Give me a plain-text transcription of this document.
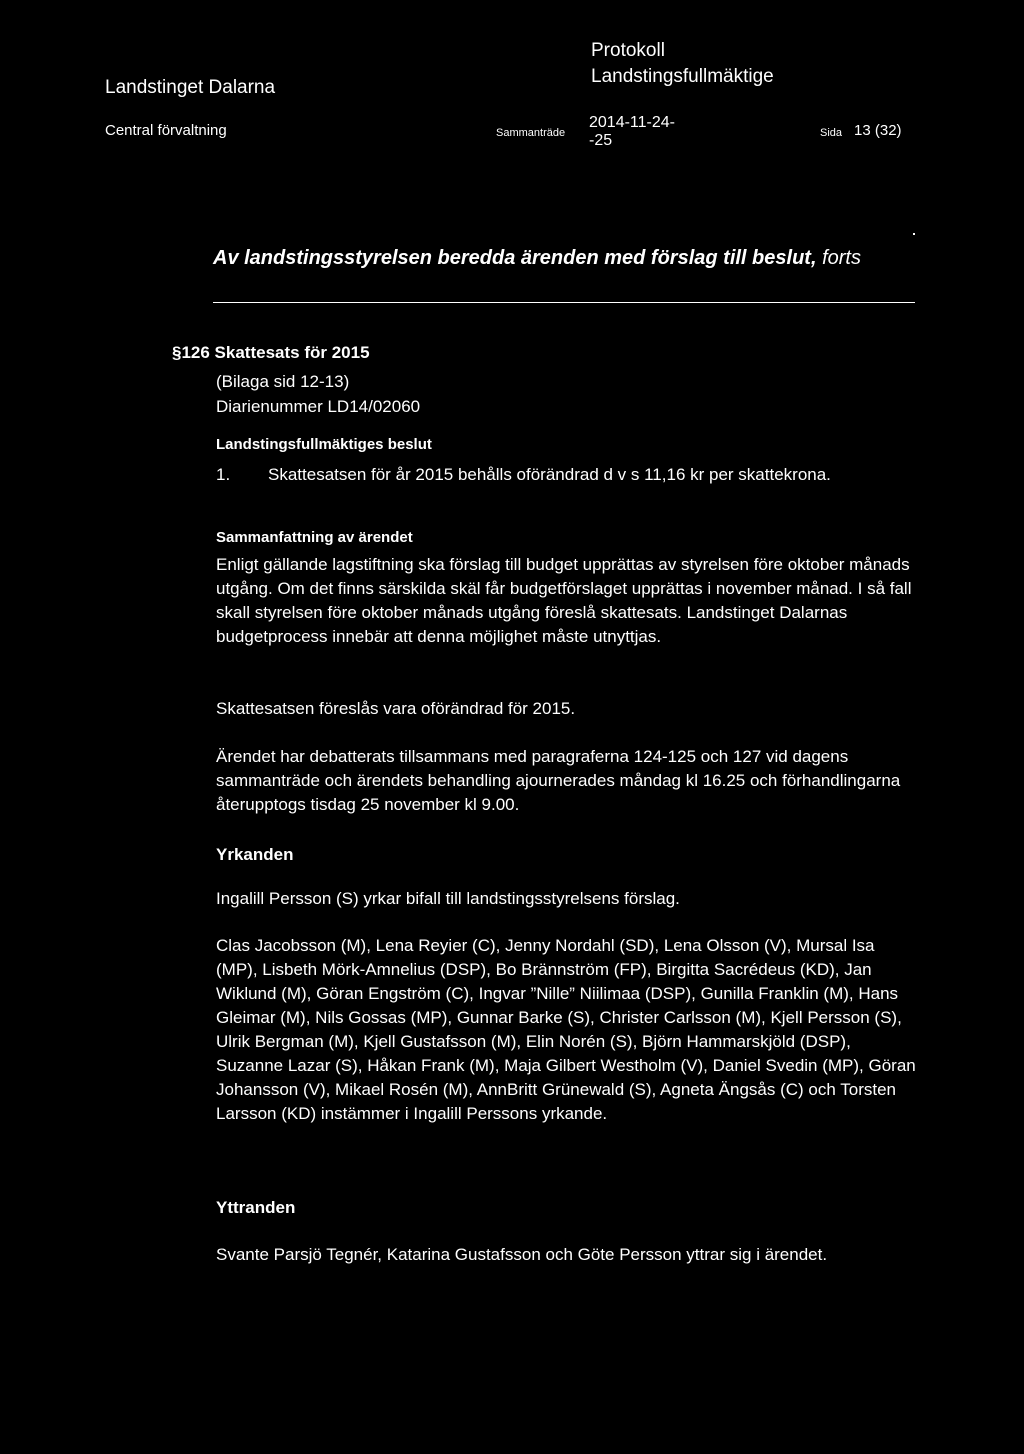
Protokoll
Landstingsfullmäktige
Landstinget Dalarna
Central förvaltning	Sammanträde
2014-11-24-
-25	Sida 13 (32)
Av landstingsstyrelsen beredda ärenden med förslag till beslut, forts
§126 Skattesats för 2015
(Bilaga sid 12-13)
Diarienummer LD14/02060
Landstingsfullmäktiges beslut
1. Skattesatsen för år 2015 behålls oförändrad d v s 11,16 kr per skattekrona.
Sammanfattning av ärendet
Enligt gällande lagstiftning ska förslag till budget upprättas av styrelsen före oktober månads utgång. Om det finns särskilda skäl får budgetförslaget upprättas i november månad. I så fall skall styrelsen före oktober månads utgång föreslå skattesats. Landstinget Dalarnas budgetprocess innebär att denna möjlighet måste utnyttjas.
Skattesatsen föreslås vara oförändrad för 2015.
Ärendet har debatterats tillsammans med paragraferna 124-125 och 127 vid dagens sammanträde och ärendets behandling ajournerades måndag kl 16.25 och förhandlingarna återupptogs tisdag 25 november kl 9.00.
Yrkanden
Ingalill Persson (S) yrkar bifall till landstingsstyrelsens förslag.
Clas Jacobsson (M), Lena Reyier (C), Jenny Nordahl (SD), Lena Olsson (V), Mursal Isa (MP), Lisbeth Mörk-Amnelius (DSP), Bo Brännström (FP), Birgitta Sacrédeus (KD), Jan Wiklund (M), Göran Engström (C), Ingvar ”Nille” Niilimaa (DSP), Gunilla Franklin (M), Hans Gleimar (M), Nils Gossas (MP), Gunnar Barke (S), Christer Carlsson (M), Kjell Persson (S), Ulrik Bergman (M), Kjell Gustafsson (M), Elin Norén (S), Björn Hammarskjöld (DSP), Suzanne Lazar (S), Håkan Frank (M), Maja Gilbert Westholm (V), Daniel Svedin (MP), Göran Johansson (V), Mikael Rosén (M), AnnBritt Grünewald (S), Agneta Ängsås (C) och Torsten Larsson (KD) instämmer i Ingalill Perssons yrkande.
Yttranden
Svante Parsjö Tegnér, Katarina Gustafsson och Göte Persson yttrar sig i ärendet.
